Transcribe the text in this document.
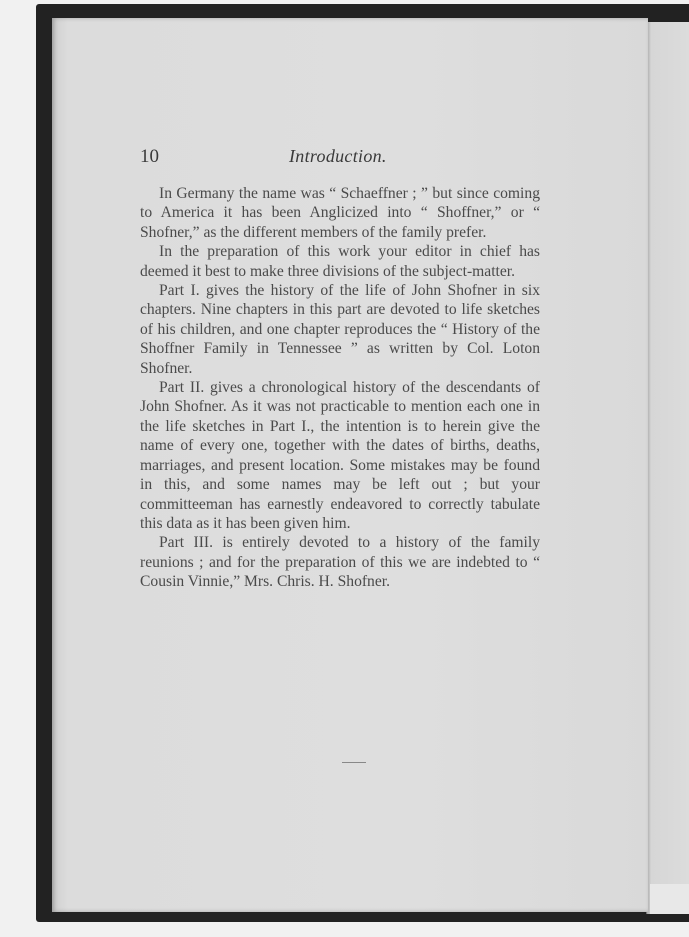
10	Introduction.

In Germany the name was “ Schaeffner ; ” but since coming to America it has been Anglicized into “ Shoffner,” or “ Shofner,” as the different members of the family prefer.

In the preparation of this work your editor in chief has deemed it best to make three divisions of the subject-matter.

Part I. gives the history of the life of John Shofner in six chapters. Nine chapters in this part are devoted to life sketches of his children, and one chapter reproduces the “ History of the Shoffner Family in Tennessee ” as written by Col. Loton Shofner.

Part II. gives a chronological history of the descendants of John Shofner. As it was not practicable to mention each one in the life sketches in Part I., the intention is to herein give the name of every one, together with the dates of births, deaths, marriages, and present location. Some mistakes may be found in this, and some names may be left out ; but your committeeman has earnestly endeavored to correctly tabulate this data as it has been given him.

Part III. is entirely devoted to a history of the family reunions ; and for the preparation of this we are indebted to “ Cousin Vinnie,” Mrs. Chris. H. Shofner.
